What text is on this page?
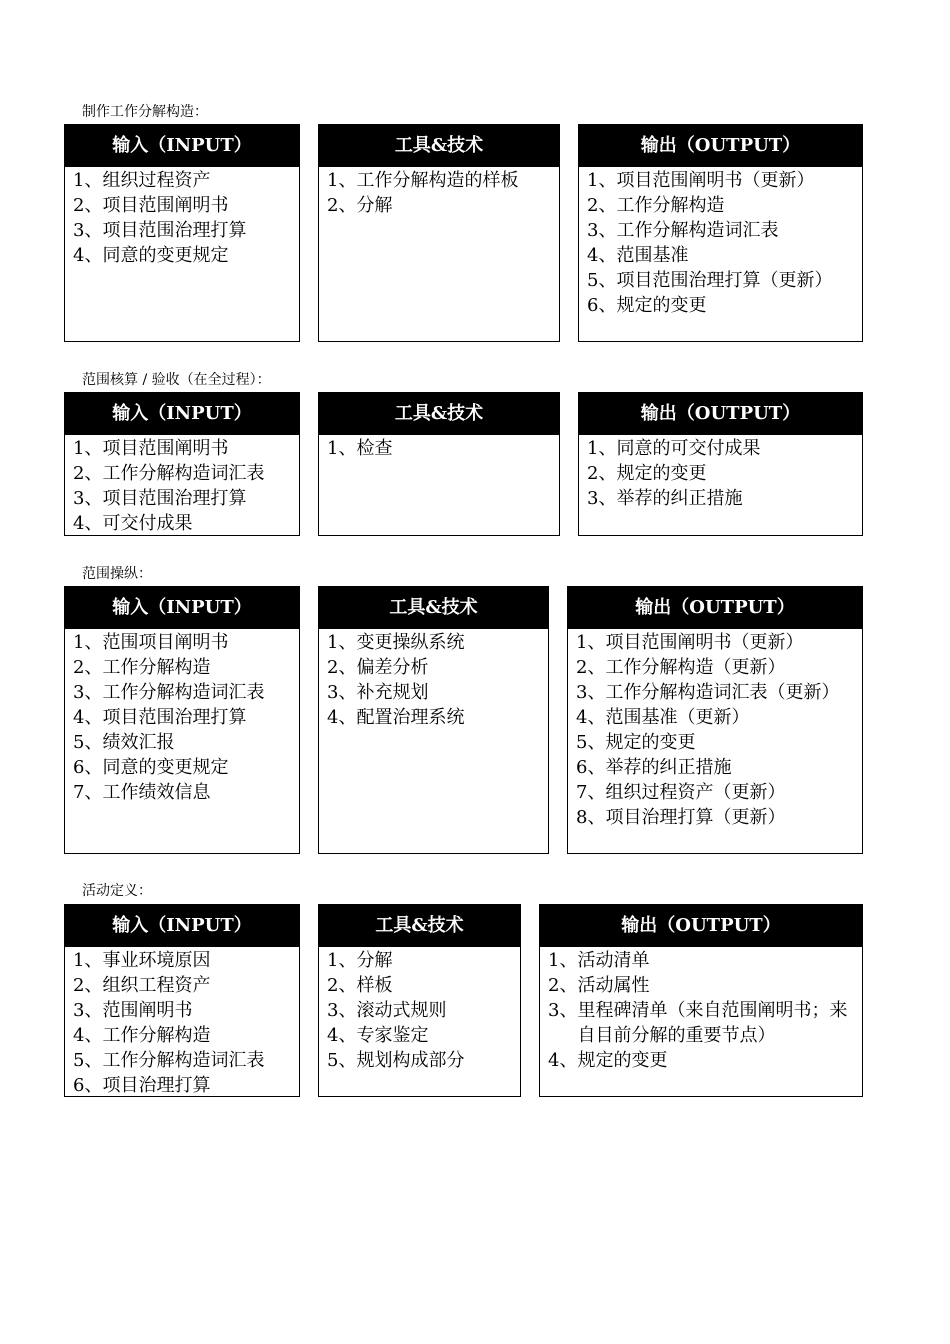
制作工作分解构造：
输入（INPUT）
1、 组织过程资产
2、 项目范围阐明书
3、 项目范围治理打算
4、 同意的变更规定
工具&技术
1、 工作分解构造的样板
2、 分解
输出（OUTPUT）
1、 项目范围阐明书（更新）
2、 工作分解构造
3、 工作分解构造词汇表
4、 范围基准
5、 项目范围治理打算（更新）
6、 规定的变更
范围核算 / 验收（在全过程）：
输入（INPUT）
1、 项目范围阐明书
2、 工作分解构造词汇表
3、 项目范围治理打算
4、 可交付成果
工具&技术
1、 检查
输出（OUTPUT）
1、 同意的可交付成果
2、 规定的变更
3、 举荐的纠正措施
范围操纵：
输入（INPUT）
1、 范围项目阐明书
2、 工作分解构造
3、 工作分解构造词汇表
4、 项目范围治理打算
5、 绩效汇报
6、 同意的变更规定
7、 工作绩效信息
工具&技术
1、 变更操纵系统
2、 偏差分析
3、 补充规划
4、 配置治理系统
输出（OUTPUT）
1、 项目范围阐明书（更新）
2、 工作分解构造（更新）
3、 工作分解构造词汇表（更新）
4、 范围基准（更新）
5、 规定的变更
6、 举荐的纠正措施
7、 组织过程资产（更新）
8、 项目治理打算（更新）
活动定义：
输入（INPUT）
1、 事业环境原因
2、 组织工程资产
3、 范围阐明书
4、 工作分解构造
5、 工作分解构造词汇表
6、 项目治理打算
工具&技术
1、 分解
2、 样板
3、 滚动式规则
4、 专家鉴定
5、 规划构成部分
输出（OUTPUT）
1、 活动清单
2、 活动属性
3、 里程碑清单（来自范围阐明书；来自目前分解的重要节点）
4、 规定的变更
